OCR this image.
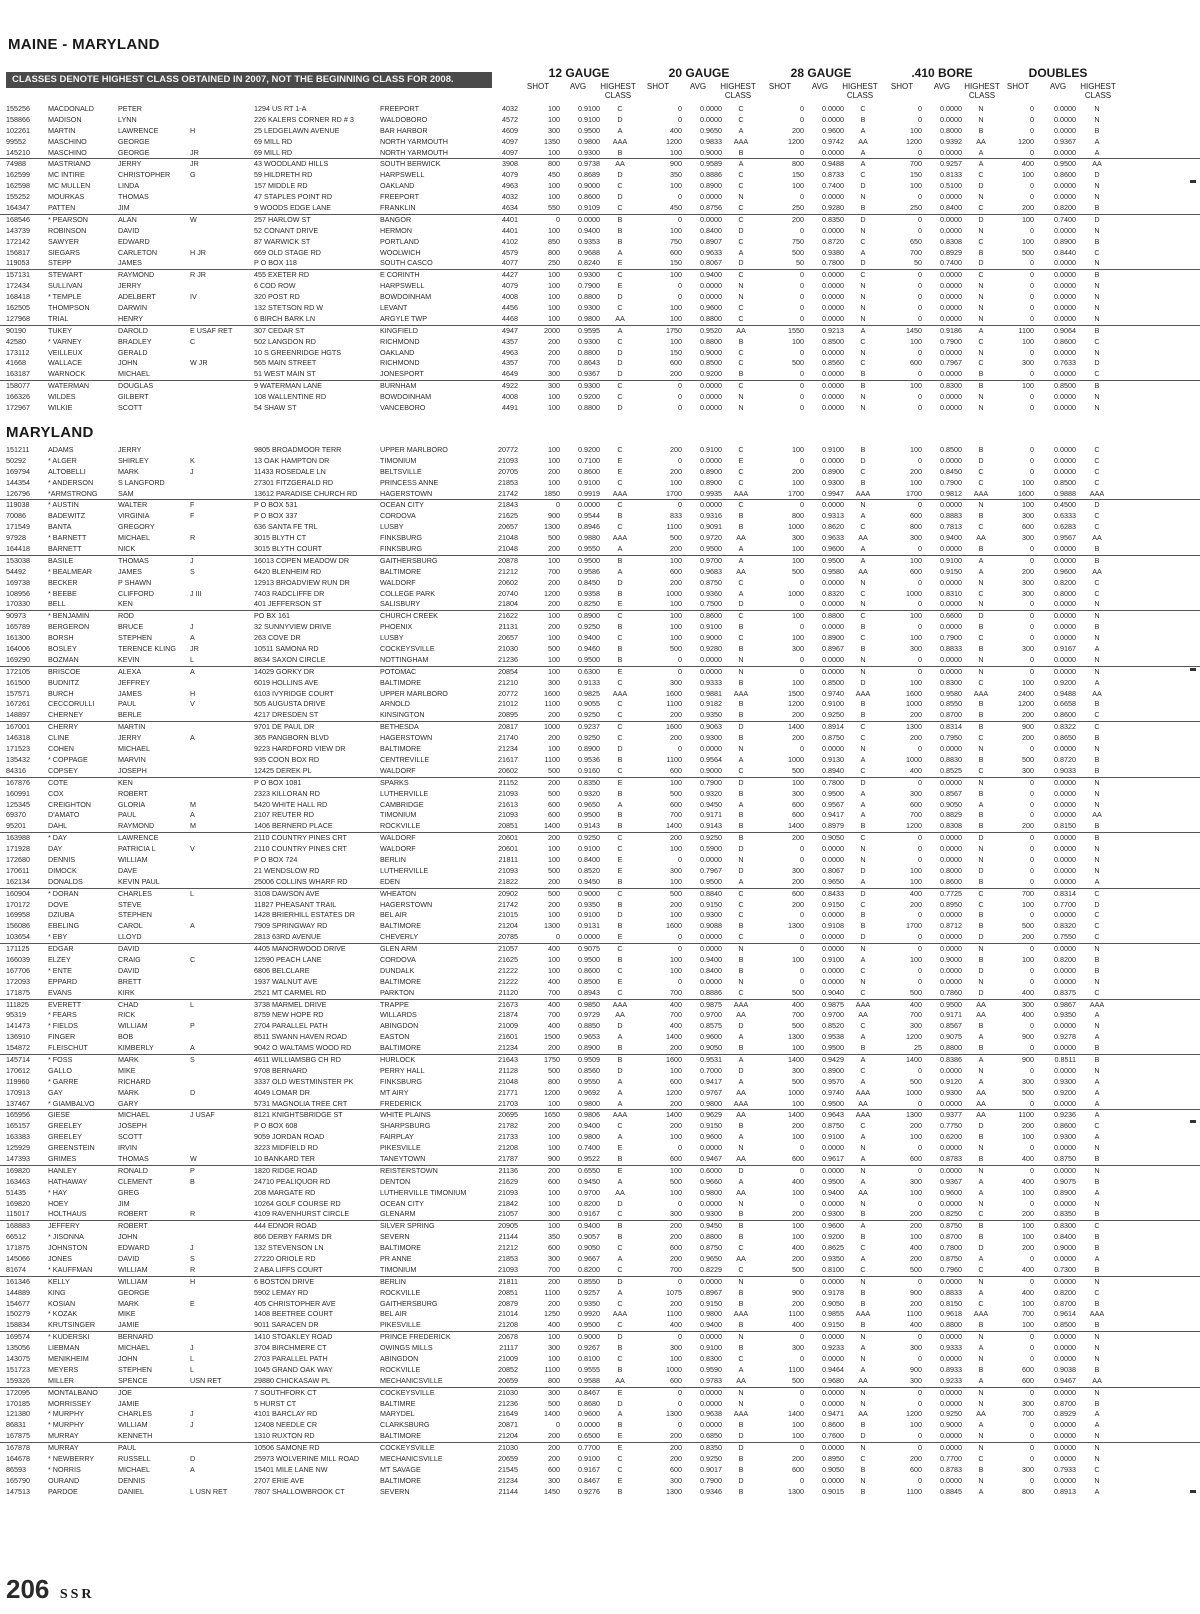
MAINE - MARYLAND
CLASSES DENOTE HIGHEST CLASS OBTAINED IN 2007, NOT THE BEGINNING CLASS FOR 2008.	12 GAUGE
SHOT	AVG	HIGHEST CLASS
20 GAUGE
SHOT	AVG	HIGHEST CLASS
28 GAUGE
SHOT	AVG	HIGHEST CLASS
.410 BORE
SHOT	AVG	HIGHEST CLASS
DOUBLES
SHOT	AVG	HIGHEST CLASS
155256	MACDONALD	PETER	1294 US RT 1-A	FREEPORT	4032	100	0.9100	C	0	0.0000	C	0	0.0000	C	0	0.0000	N	0	0.0000	N
158866	MADISON	LYNN	226 KALERS CORNER RD # 3	WALDOBORO	4572	100	0.9100	D	0	0.0000	C	0	0.0000	B	0	0.0000	N	0	0.0000	N
102261	MARTIN	LAWRENCE	H	25 LEDGELAWN AVENUE	BAR HARBOR	4609	300	0.9500	A	400	0.9650	A	200	0.9600	A	100	0.8000	B	0	0.0000	B
99552	MASCHINO	GEORGE	69 MILL RD	NORTH YARMOUTH	4097	1350	0.9800	AAA	1200	0.9833	AAA	1200	0.9742	AA	1200	0.9392	AA	1200	0.9367	A
145210	MASCHINO	GEORGE	JR	69 MILL RD	NORTH YARMOUTH	4097	100	0.9300	B	100	0.9000	B	0	0.0000	A	0	0.0000	A	0	0.0000	A
74988	MASTRIANO	JERRY	JR	43 WOODLAND HILLS	SOUTH BERWICK	3908	800	0.9738	AA	900	0.9589	A	800	0.9488	A	700	0.9257	A	400	0.9500	AA
162599	MC INTIRE	CHRISTOPHER	G	59 HILDRETH RD	HARPSWELL	4079	450	0.8689	D	350	0.8886	C	150	0.8733	C	150	0.8133	C	100	0.8600	D
162598	MC MULLEN	LINDA	157 MIDDLE RD	OAKLAND	4963	100	0.9000	C	100	0.8900	C	100	0.7400	D	100	0.5100	D	0	0.0000	N
155252	MOURKAS	THOMAS	47 STAPLES POINT RD	FREEPORT	4032	100	0.8600	D	0	0.0000	N	0	0.0000	N	0	0.0000	N	0	0.0000	N
164347	PATTEN	JIM	9 WOODS EDGE LANE	FRANKLIN	4634	550	0.9109	C	450	0.8756	C	250	0.9280	B	250	0.8400	C	200	0.8200	B
168546	* PEARSON	ALAN	W	257 HARLOW ST	BANGOR	4401	0	0.0000	B	0	0.0000	C	200	0.8350	D	0	0.0000	D	100	0.7400	D
143739	ROBINSON	DAVID	52 CONANT DRIVE	HERMON	4401	100	0.9400	B	100	0.8400	D	0	0.0000	N	0	0.0000	N	0	0.0000	N
172142	SAWYER	EDWARD	87 WARWICK ST	PORTLAND	4102	850	0.9353	B	750	0.8907	C	750	0.8720	C	650	0.8308	C	100	0.8900	B
156817	SIEGARS	CARLETON	H JR	669 OLD STAGE RD	WOOLWICH	4579	800	0.9688	A	600	0.9633	A	500	0.9380	A	700	0.8929	B	500	0.8440	C
119053	STEPP	JAMES	P O BOX 118	SOUTH CASCO	4077	250	0.8240	E	150	0.8067	D	50	0.7800	D	50	0.7400	D	0	0.0000	N
157131	STEWART	RAYMOND	R JR	455 EXETER RD	E CORINTH	4427	100	0.9300	C	100	0.9400	C	0	0.0000	C	0	0.0000	C	0	0.0000	B
172434	SULLIVAN	JERRY	6 COD ROW	HARPSWELL	4079	100	0.7900	E	0	0.0000	N	0	0.0000	N	0	0.0000	N	0	0.0000	N
168418	* TEMPLE	ADELBERT	IV	320 POST RD	BOWDOINHAM	4008	100	0.8800	D	0	0.0000	N	0	0.0000	N	0	0.0000	N	0	0.0000	N
162505	THOMPSON	DARWIN	132 STETSON RD W	LEVANT	4456	100	0.9300	C	100	0.9600	C	0	0.0000	N	0	0.0000	N	0	0.0000	N
127968	TRIAL	HENRY	6 BIRCH BARK LN	ARGYLE TWP	4468	100	0.9800	AA	100	0.8800	C	0	0.0000	N	0	0.0000	N	0	0.0000	N
90190	TUKEY	DAROLD	E USAF RET	307 CEDAR ST	KINGFIELD	4947	2000	0.9595	A	1750	0.9520	AA	1550	0.9213	A	1450	0.9186	A	1100	0.9064	B
42580	* VARNEY	BRADLEY	C	502 LANGDON RD	RICHMOND	4357	200	0.9300	C	100	0.8800	B	100	0.8500	C	100	0.7900	C	100	0.8600	C
173112	VEILLEUX	GERALD	10 S GREENRIDGE HGTS	OAKLAND	4963	200	0.8800	D	150	0.9000	C	0	0.0000	N	0	0.0000	N	0	0.0000	N
41668	WALLACE	JOHN	W JR	565 MAIN STREET	RICHMOND	4357	700	0.8643	D	600	0.8500	C	500	0.8560	C	600	0.7967	C	300	0.7633	D
163187	WARNOCK	MICHAEL	51 WEST MAIN ST	JONESPORT	4649	300	0.9367	D	200	0.9200	B	0	0.0000	B	0	0.0000	B	0	0.0000	C
158077	WATERMAN	DOUGLAS	9 WATERMAN LANE	BURNHAM	4922	300	0.9300	C	0	0.0000	C	0	0.0000	B	100	0.8300	B	100	0.8500	B
166326	WILDES	GILBERT	108 WALLENTINE RD	BOWDOINHAM	4008	100	0.9200	C	0	0.0000	N	0	0.0000	N	0	0.0000	N	0	0.0000	N
172967	WILKIE	SCOTT	54 SHAW ST	VANCEBORO	4491	100	0.8800	D	0	0.0000	N	0	0.0000	N	0	0.0000	N	0	0.0000	N
MARYLAND
151211	ADAMS	JERRY	9805 BROADMOOR TERR	UPPER MARLBORO	20772	100	0.9200	C	200	0.9100	C	100	0.9100	B	100	0.8500	B	0	0.0000	C
50292	* ALGER	SHIRLEY	K	13 OAK HAMPTON DR	TIMONIUM	21093	100	0.7100	E	0	0.0000	E	0	0.0000	D	0	0.0000	D	0	0.0000	C
169794	ALTOBELLI	MARK	J	11433 ROSEDALE LN	BELTSVILLE	20705	200	0.8600	E	200	0.8900	C	200	0.8900	C	200	0.8450	C	0	0.0000	C
144354	* ANDERSON	S LANGFORD	27301 FITZGERALD RD	PRINCESS ANNE	21853	100	0.9100	C	100	0.8900	C	100	0.9300	B	100	0.7900	C	100	0.8500	C
126796	*ARMSTRONG	SAM	13612 PARADISE CHURCH RD	HAGERSTOWN	21742	1850	0.9919	AAA	1700	0.9935	AAA	1700	0.9947	AAA	1700	0.9812	AAA	1600	0.9888	AAA
119038	* AUSTIN	WALTER	F	P O BOX 531	OCEAN CITY	21843	0	0.0000	C	0	0.0000	C	0	0.0000	N	0	0.0000	N	100	0.4500	D
70086	BADEWITZ	VIRGINIA	F	P O BOX 337	CORDOVA	21625	900	0.9544	B	833	0.9316	B	800	0.9313	A	600	0.8883	B	300	0.6333	C
171549	BANTA	GREGORY	636 SANTA FE TRL	LUSBY	20657	1300	0.8946	C	1100	0.9091	B	1000	0.8620	C	800	0.7813	C	600	0.6283	C
97928	* BARNETT	MICHAEL	R	3015 BLYTH CT	FINKSBURG	21048	500	0.9880	AAA	500	0.9720	AA	300	0.9633	AA	300	0.9400	AA	300	0.9567	AA
164418	BARNETT	NICK	3015 BLYTH COURT	FINKSBURG	21048	200	0.9550	A	200	0.9500	A	100	0.9600	A	0	0.0000	B	0	0.0000	B
153038	BASILE	THOMAS	J	16013 COPEN MEADOW DR	GAITHERSBURG	20878	100	0.9500	B	100	0.9700	A	100	0.9500	A	100	0.9100	A	0	0.0000	B
54492	* BEALMEAR	JAMES	S	6420 BLENHEIM RD	BALTIMORE	21212	700	0.9586	A	600	0.9683	AA	500	0.9580	AA	600	0.9150	A	200	0.9600	AA
169738	BECKER	P SHAWN	12913 BROADVIEW RUN DR	WALDORF	20602	200	0.8450	D	200	0.8750	C	0	0.0000	N	0	0.0000	N	300	0.8200	C
108956	* BEEBE	CLIFFORD	J III	7403 RADCLIFFE DR	COLLEGE PARK	20740	1200	0.9358	B	1000	0.9360	A	1000	0.8320	C	1000	0.8310	C	300	0.8000	C
170330	BELL	KEN	401 JEFFERSON ST	SALISBURY	21804	200	0.8250	E	100	0.7500	D	0	0.0000	N	0	0.0000	N	0	0.0000	N
90973	* BENJAMIN	ROD	PO BX 161	CHURCH CREEK	21622	100	0.8900	C	100	0.8600	C	100	0.8800	C	100	0.6600	D	0	0.0000	N
165789	BERGERON	BRUCE	J	32 SUNNYVIEW DRIVE	PHOENIX	21131	200	0.9250	B	100	0.9100	B	0	0.0000	B	0	0.0000	B	0	0.0000	B
161300	BORSH	STEPHEN	A	263 COVE DR	LUSBY	20657	100	0.9400	C	100	0.9000	C	100	0.8900	C	100	0.7900	C	0	0.0000	N
164006	BOSLEY	TERENCE KLING	JR	10511 SAMONA RD	COCKEYSVILLE	21030	500	0.9460	B	500	0.9280	B	300	0.8967	B	300	0.8833	B	300	0.9167	A
169290	BOZMAN	KEVIN	L	8634 SAXON CIRCLE	NOTTINGHAM	21236	100	0.9500	B	0	0.0000	N	0	0.0000	N	0	0.0000	N	0	0.0000	N
172105	BRISCOE	ALEXA	A	14029 GORKY DR	POTOMAC	20854	100	0.6300	E	0	0.0000	N	0	0.0000	N	0	0.0000	N	0	0.0000	N
161500	BUDNITZ	JEFFREY	6019 HOLLINS AVE	BALTIMORE	21210	300	0.9133	C	300	0.9333	B	100	0.8500	D	100	0.8300	C	100	0.9200	A
157571	BURCH	JAMES	H	6103 IVYRIDGE COURT	UPPER MARLBORO	20772	1600	0.9825	AAA	1600	0.9881	AAA	1500	0.9740	AAA	1600	0.9580	AAA	2400	0.9488	AA
167261	CECCORULLI	PAUL	V	505 AUGUSTA DRIVE	ARNOLD	21012	1100	0.9055	C	1100	0.9182	B	1200	0.9100	B	1000	0.8550	B	1200	0.6658	B
148897	CHERNEY	BERLE	4217 DRESDEN ST	KINSINGTON	20895	200	0.9250	C	200	0.9350	B	200	0.9250	B	200	0.8700	B	200	0.8600	C
167001	CHERRY	MARTIN	9701 DE PAUL DR	BETHESDA	20817	1000	0.9237	C	1600	0.9063	D	1400	0.8914	C	1300	0.8314	B	900	0.8322	C
146318	CLINE	JERRY	A	365 PANGBORN BLVD	HAGERSTOWN	21740	200	0.9250	C	200	0.9300	B	200	0.8750	C	200	0.7950	C	200	0.8650	B
171523	COHEN	MICHAEL	9223 HARDFORD VIEW DR	BALTIMORE	21234	100	0.8900	D	0	0.0000	N	0	0.0000	N	0	0.0000	N	0	0.0000	N
135432	* COPPAGE	MARVIN	935 COON BOX RD	CENTREVILLE	21617	1100	0.9536	B	1100	0.9564	A	1000	0.9130	A	1000	0.8830	B	500	0.8720	B
84316	COPSEY	JOSEPH	12425 DEREK PL	WALDORF	20602	500	0.9160	C	600	0.9000	C	500	0.8940	C	400	0.8525	C	300	0.9033	B
167876	COTE	KEN	P O BOX 1081	SPARKS	21152	200	0.8350	E	100	0.7900	D	100	0.7800	D	0	0.0000	N	0	0.0000	N
160991	COX	ROBERT	2323 KILLORAN RD	LUTHERVILLE	21093	500	0.9320	B	500	0.9320	B	300	0.9500	A	300	0.8567	B	0	0.0000	N
125345	CREIGHTON	GLORIA	M	5420 WHITE HALL RD	CAMBRIDGE	21613	600	0.9650	A	600	0.9450	A	600	0.9567	A	600	0.9050	A	0	0.0000	N
69370	D'AMATO	PAUL	A	2107 REUTER RD	TIMONIUM	21093	600	0.9500	B	700	0.9171	B	600	0.9417	A	700	0.8829	B	0	0.0000	AA
95201	DAHL	RAYMOND	M	1406 BERNERD PLACE	ROCKVILLE	20851	1400	0.9143	B	1400	0.9143	B	1400	0.8979	B	1200	0.8308	B	200	0.8150	B
163988	* DAY	LAWRENCE	2110 COUNTRY PINES CRT	WALDORF	20601	200	0.9250	C	200	0.9250	B	200	0.9050	C	0	0.0000	D	0	0.0000	B
171928	DAY	PATRICIA L	V	2110 COUNTRY PINES CRT	WALDORF	20601	100	0.9100	C	100	0.5900	D	0	0.0000	N	0	0.0000	N	0	0.0000	N
172680	DENNIS	WILLIAM	P O BOX 724	BERLIN	21811	100	0.8400	E	0	0.0000	N	0	0.0000	N	0	0.0000	N	0	0.0000	N
170611	DIMOCK	DAVE	21 WENDSLOW RD	LUTHERVILLE	21093	500	0.8520	E	300	0.7967	D	300	0.8067	D	100	0.8000	D	0	0.0000	N
162134	DONALDS	KEVIN PAUL	25006 COLLINS WHARF RD	EDEN	21822	200	0.9450	B	100	0.9500	A	200	0.9650	A	100	0.8600	B	0	0.0000	A
160904	* DORAN	CHARLES	L	3108 DAWSON AVE	WHEATON	20902	500	0.9000	C	500	0.8840	C	600	0.8433	D	400	0.7725	C	700	0.8314	C
170172	DOVE	STEVE	11827 PHEASANT TRAIL	HAGERSTOWN	21742	200	0.9350	B	200	0.9150	C	200	0.9150	C	200	0.8950	C	100	0.7700	D
169958	DZIUBA	STEPHEN	1428 BRIERHILL ESTATES DR	BEL AIR	21015	100	0.9100	D	100	0.9300	C	0	0.0000	B	0	0.0000	B	0	0.0000	C
156086	EBELING	CAROL	A	7909 SPRINGWAY RD	BALTIMORE	21204	1300	0.9131	B	1600	0.9088	B	1300	0.9108	B	1700	0.8712	B	500	0.8320	C
103654	* EBY	LLOYD	2813 63RD AVENUE	CHEVERLY	20785	0	0.0000	E	0	0.0000	C	0	0.0000	D	0	0.0000	D	200	0.7550	C
171125	EDGAR	DAVID	4405 MANORWOOD DRIVE	GLEN ARM	21057	400	0.9075	C	0	0.0000	N	0	0.0000	N	0	0.0000	N	0	0.0000	N
166039	ELZEY	CRAIG	C	12590 PEACH LANE	CORDOVA	21625	100	0.9500	B	100	0.9400	B	100	0.9100	A	100	0.9000	B	100	0.8200	B
167706	* ENTE	DAVID	6806 BELCLARE	DUNDALK	21222	100	0.8600	C	100	0.8400	B	0	0.0000	C	0	0.0000	D	0	0.0000	B
172093	EPPARD	BRETT	1937 WALNUT AVE	BALTIMORE	21222	400	0.8500	E	0	0.0000	N	0	0.0000	N	0	0.0000	N	0	0.0000	N
171875	EVANS	KIRK	2521 MT CARMEL RD	PARKTON	21120	700	0.8943	C	700	0.8886	C	500	0.9040	C	500	0.7860	D	400	0.8375	C
111825	EVERETT	CHAD	L	3738 MARMEL DRIVE	TRAPPE	21673	400	0.9850	AAA	400	0.9875	AAA	400	0.9875	AAA	400	0.9500	AA	300	0.9867	AAA
95319	* FEARS	RICK	8759 NEW HOPE RD	WILLARDS	21874	700	0.9729	AA	700	0.9700	AA	700	0.9700	AA	700	0.9171	AA	400	0.9350	A
141473	* FIELDS	WILLIAM	P	2704 PARALLEL PATH	ABINGDON	21009	400	0.8850	D	400	0.8575	D	500	0.8520	C	300	0.8567	B	0	0.0000	N
136910	FINGER	BOB	8511 SWANN HAVEN ROAD	EASTON	21601	1500	0.9653	A	1400	0.9600	A	1300	0.9538	A	1200	0.9075	A	900	0.9278	A
154872	FLEISCHUT	KIMBERLY	A	9042 O WALTAMS WOOD RD	BALTIMORE	21234	200	0.8900	B	200	0.9050	B	100	0.9500	B	25	0.8800	B	0	0.0000	B
145714	* FOSS	MARK	S	4611 WILLIAMSBG CH RD	HURLOCK	21643	1750	0.9509	B	1600	0.9531	A	1400	0.9429	A	1400	0.8386	A	900	0.8511	B
170612	GALLO	MIKE	9708 BERNARD	PERRY HALL	21128	500	0.8560	D	100	0.7000	D	300	0.8900	C	0	0.0000	N	0	0.0000	N
119960	* GARRE	RICHARD	3337 OLD WESTMINSTER PK	FINKSBURG	21048	800	0.9550	A	600	0.9417	A	500	0.9570	A	500	0.9120	A	300	0.9300	A
170913	GAY	MARK	D	4049 LOMAR DR	MT AIRY	21771	1200	0.9692	A	1200	0.9767	AA	1000	0.9740	AAA	1000	0.9300	AA	500	0.9200	A
137467	* GIAMBALVO	GARY	5731 MAGNOLIA TREE CRT	FREDERICK	21703	100	0.9800	A	200	0.9800	AAA	100	0.9500	AA	0	0.0000	AA	0	0.0000	A
165956	GIESE	MICHAEL	J USAF	8121 KNIGHTSBRIDGE ST	WHITE PLAINS	20695	1650	0.9806	AAA	1400	0.9629	AA	1400	0.9643	AAA	1300	0.9377	AA	1100	0.9236	A
165157	GREELEY	JOSEPH	P O BOX 608	SHARPSBURG	21782	200	0.9400	C	200	0.9150	B	200	0.8750	C	200	0.7750	D	200	0.8600	C
163383	GREELEY	SCOTT	9059 JORDAN ROAD	FAIRPLAY	21733	100	0.9800	A	100	0.9600	A	100	0.9100	A	100	0.6200	B	100	0.9300	A
125929	GREENSTEIN	IRVIN	3223 MIDFIELD RD	PIKESVILLE	21208	100	0.7400	E	0	0.0000	N	0	0.0000	N	0	0.0000	N	0	0.0000	N
147393	GRIMES	THOMAS	W	10 BANKARD TER	TANEYTOWN	21787	900	0.9522	B	600	0.9467	AA	600	0.9617	A	600	0.8783	B	400	0.8750	B
169820	HANLEY	RONALD	P	1820 RIDGE ROAD	REISTERSTOWN	21136	200	0.6550	E	100	0.6000	D	0	0.0000	N	0	0.0000	N	0	0.0000	N
163463	HATHAWAY	CLEMENT	B	24710 PEALIQUOR RD	DENTON	21629	600	0.9450	A	500	0.9660	A	400	0.9500	A	300	0.9367	A	400	0.9075	B
51435	* HAY	GREG	208 MARGATE RD	LUTHERVILLE TIMONIUM	21093	100	0.9700	AA	100	0.9800	AA	100	0.9400	AA	100	0.9600	A	100	0.8900	A
169820	HOEY	JIM	10264 GOLF COURSE RD	OCEAN CITY	21842	100	0.8200	D	0	0.0000	N	0	0.0000	N	0	0.0000	N	0	0.0000	N
115017	HOLTHAUS	ROBERT	R	4109 RAVENHURST CIRCLE	GLENARM	21057	300	0.9167	C	300	0.9300	B	200	0.9300	B	200	0.8250	C	200	0.8350	B
168883	JEFFERY	ROBERT	444 EDNOR ROAD	SILVER SPRING	20905	100	0.9400	B	200	0.9450	B	100	0.9600	A	200	0.8750	B	100	0.8300	C
66512	* JISONNA	JOHN	866 DERBY FARMS DR	SEVERN	21144	350	0.9057	B	200	0.8800	B	100	0.9200	B	100	0.8700	B	100	0.8400	B
171875	JOHNSTON	EDWARD	J	132 STEVENSON LN	BALTIMORE	21212	600	0.9050	C	600	0.8750	C	400	0.8625	C	400	0.7800	D	200	0.9000	B
145066	JONES	DAVID	S	27220 ORIOLE RD	PR ANNE	21853	300	0.9667	A	200	0.9650	AA	200	0.9350	A	200	0.8750	A	0	0.0000	A
81674	* KAUFFMAN	WILLIAM	R	2 ABA LIFFS COURT	TIMONIUM	21093	700	0.8200	C	700	0.8229	C	500	0.8100	C	500	0.7960	C	400	0.7300	B
161346	KELLY	WILLIAM	H	6 BOSTON DRIVE	BERLIN	21811	200	0.8550	D	0	0.0000	N	0	0.0000	N	0	0.0000	N	0	0.0000	N
144889	KING	GEORGE	5902 LEMAY RD	ROCKVILLE	20851	1100	0.9257	A	1075	0.8967	B	900	0.9178	B	900	0.8833	A	400	0.8200	C
154677	KOSIAN	MARK	E	405 CHRISTOPHER AVE	GAITHERSBURG	20879	200	0.9350	C	200	0.9150	B	200	0.9050	B	200	0.8150	C	100	0.8700	B
150279	* KOZAK	MIKE	1408 BEETREE COURT	BEL AIR	21014	1250	0.9920	AAA	1100	0.9800	AAA	1100	0.9855	AAA	1100	0.9618	AAA	700	0.9614	AAA
158834	KRUTSINGER	JAMIE	9011 SARACEN DR	PIKESVILLE	21208	400	0.9500	C	400	0.9400	B	400	0.9150	B	400	0.8800	B	100	0.8500	B
169574	* KUDERSKI	BERNARD	1410 STOAKLEY ROAD	PRINCE FREDERICK	20678	100	0.9000	D	0	0.0000	N	0	0.0000	N	0	0.0000	N	0	0.0000	N
135056	LIEBMAN	MICHAEL	J	3704 BIRCHMERE CT	OWINGS MILLS	21117	300	0.9267	B	300	0.9100	B	300	0.9233	A	300	0.9333	A	0	0.0000	N
143075	MENIKHEIM	JOHN	L	2703 PARALLEL PATH	ABINGDON	21009	100	0.8100	C	100	0.8300	C	0	0.0000	N	0	0.0000	N	0	0.0000	N
151723	MEYERS	STEPHEN	L	1045 GRAND OAK WAY	ROCKVILLE	20852	1100	0.9555	B	1000	0.9590	A	1100	0.9464	A	900	0.8933	B	600	0.9038	B
159326	MILLER	SPENCE	USN RET	29880 CHICKASAW PL	MECHANICSVILLE	20659	800	0.9588	AA	600	0.9783	AA	500	0.9680	AA	300	0.9233	A	600	0.9467	AA
172095	MONTALBANO	JOE	7 SOUTHFORK CT	COCKEYSVILLE	21030	300	0.8467	E	0	0.0000	N	0	0.0000	N	0	0.0000	N	0	0.0000	N
170185	MORRISSEY	JAMIE	5 HURST CT	BALTIMRE	21236	500	0.8680	D	0	0.0000	N	0	0.0000	N	0	0.0000	N	300	0.8700	B
121380	* MURPHY	CHARLES	J	4101 BARCLAY RD	MARYDEL	21649	1400	0.9600	A	1300	0.9638	AAA	1400	0.9471	AA	1200	0.9250	AA	700	0.8929	A
86831	* MURPHY	WILLIAM	J	12408 NEEDLE CR	CLARKSBURG	20871	0	0.0000	B	0	0.0000	B	100	0.8600	B	100	0.9000	A	0	0.0000	A
167875	MURRAY	KENNETH	1310 RUXTON RD	BALTIMORE	21204	200	0.6500	E	200	0.6850	D	100	0.7600	D	0	0.0000	N	0	0.0000	N
167878	MURRAY	PAUL	10506 SAMONE RD	COCKEYSVILLE	21030	200	0.7700	E	200	0.8350	D	0	0.0000	N	0	0.0000	N	0	0.0000	N
164678	* NEWBERRY	RUSSELL	D	25973 WOLVERINE MILL ROAD	MECHANICSVILLE	20659	200	0.9100	C	200	0.9250	B	200	0.8950	C	200	0.7700	C	0	0.0000	N
86593	* NORRIS	MICHAEL	A	15401 MILE LANE NW	MT SAVAGE	21545	600	0.9167	C	600	0.9017	B	600	0.9050	B	600	0.8783	B	300	0.7933	C
165790	OURAND	DENNIS	2707 ERIE AVE	BALTIMORE	21234	300	0.8467	E	300	0.7900	D	0	0.0000	N	0	0.0000	N	0	0.0000	N
147513	PARDOE	DANIEL	L USN RET	7807 SHALLOWBROOK CT	SEVERN	21144	1450	0.9276	B	1300	0.9346	B	1300	0.9015	B	1100	0.8845	A	800	0.8913	A
206 SSR
